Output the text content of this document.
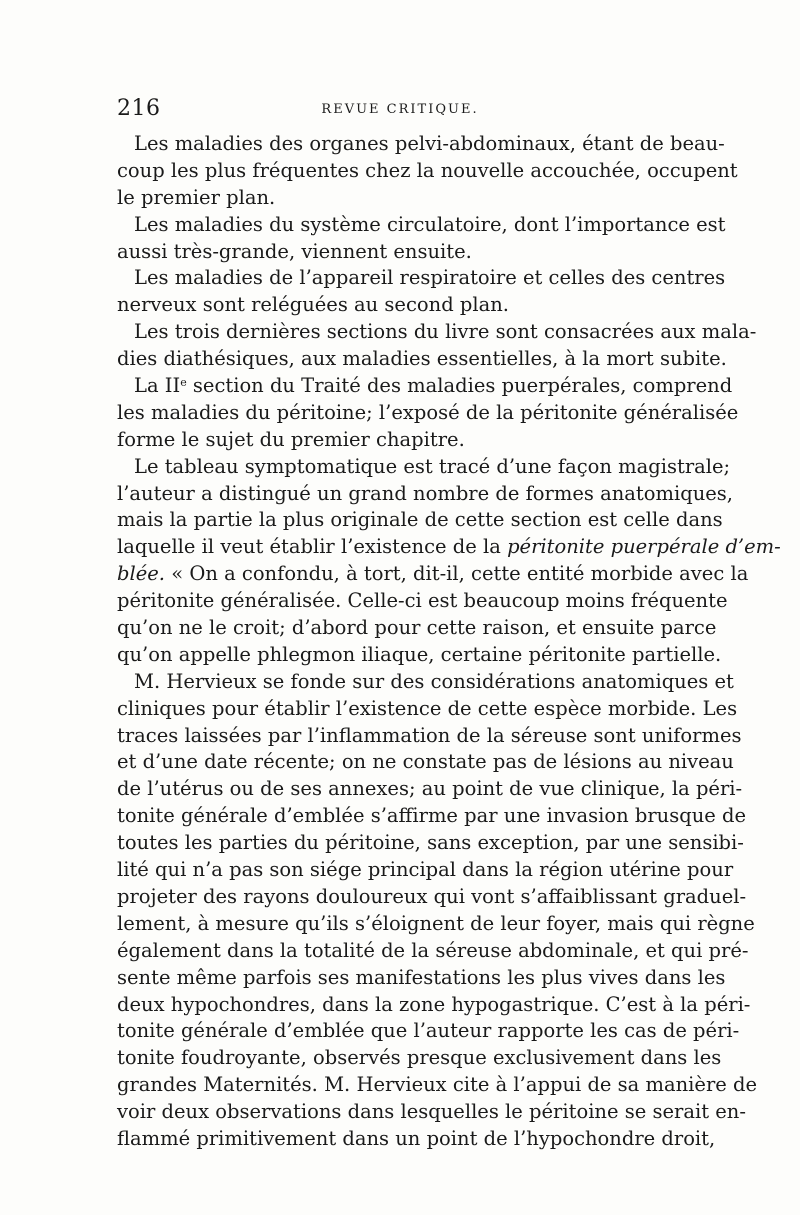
216	REVUE CRITIQUE.
Les maladies des organes pelvi-abdominaux, étant de beau-
coup les plus fréquentes chez la nouvelle accouchée, occupent
le premier plan.
Les maladies du système circulatoire, dont l’importance est
aussi très-grande, viennent ensuite.
Les maladies de l’appareil respiratoire et celles des centres
nerveux sont reléguées au second plan.
Les trois dernières sections du livre sont consacrées aux mala-
dies diathésiques, aux maladies essentielles, à la mort subite.
La IIe section du Traité des maladies puerpérales, comprend
les maladies du péritoine; l’exposé de la péritonite généralisée
forme le sujet du premier chapitre.
Le tableau symptomatique est tracé d’une façon magistrale;
l’auteur a distingué un grand nombre de formes anatomiques,
mais la partie la plus originale de cette section est celle dans
laquelle il veut établir l’existence de la péritonite puerpérale d’em-
blée. « On a confondu, à tort, dit-il, cette entité morbide avec la
péritonite généralisée. Celle-ci est beaucoup moins fréquente
qu’on ne le croit; d’abord pour cette raison, et ensuite parce
qu’on appelle phlegmon iliaque, certaine péritonite partielle.
M. Hervieux se fonde sur des considérations anatomiques et
cliniques pour établir l’existence de cette espèce morbide. Les
traces laissées par l’inflammation de la séreuse sont uniformes
et d’une date récente; on ne constate pas de lésions au niveau
de l’utérus ou de ses annexes; au point de vue clinique, la péri-
tonite générale d’emblée s’affirme par une invasion brusque de
toutes les parties du péritoine, sans exception, par une sensibi-
lité qui n’a pas son siége principal dans la région utérine pour
projeter des rayons douloureux qui vont s’affaiblissant graduel-
lement, à mesure qu’ils s’éloignent de leur foyer, mais qui règne
également dans la totalité de la séreuse abdominale, et qui pré-
sente même parfois ses manifestations les plus vives dans les
deux hypochondres, dans la zone hypogastrique. C’est à la péri-
tonite générale d’emblée que l’auteur rapporte les cas de péri-
tonite foudroyante, observés presque exclusivement dans les
grandes Maternités. M. Hervieux cite à l’appui de sa manière de
voir deux observations dans lesquelles le péritoine se serait en-
flammé primitivement dans un point de l’hypochondre droit,
